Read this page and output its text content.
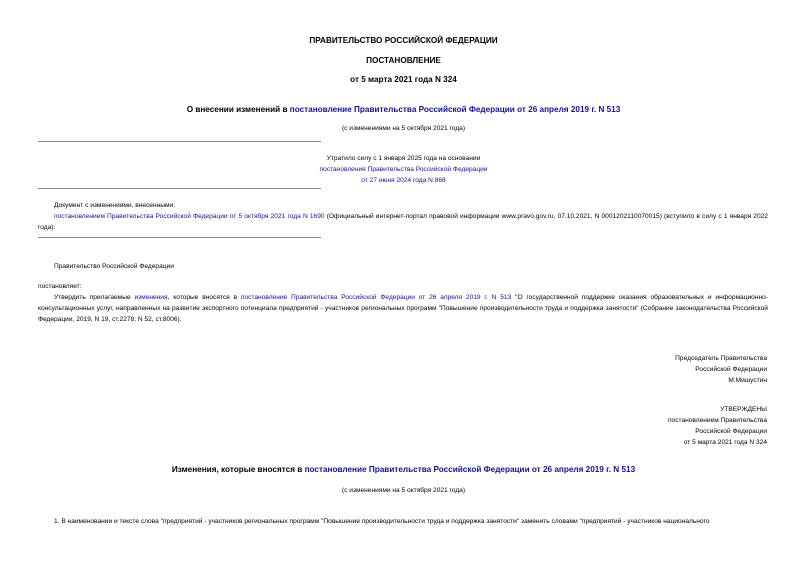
ПРАВИТЕЛЬСТВО РОССИЙСКОЙ ФЕДЕРАЦИИ
ПОСТАНОВЛЕНИЕ
от 5 марта 2021 года N 324
О внесении изменений в постановление Правительства Российской Федерации от 26 апреля 2019 г. N 513
(с изменениями на 5 октября 2021 года)
Утратило силу с 1 января 2025 года на основании
постановления Правительства Российской Федерации
от 27 июня 2024 года N 868
Документ с изменениями, внесенными:
постановлением Правительства Российской Федерации от 5 октября 2021 года N 1690 (Официальный интернет-портал правовой информации www.pravo.gov.ru, 07.10.2021, N 0001202110070015) (вступило в силу с 1 января 2022 года).
Правительство Российской Федерации
постановляет:
Утвердить прилагаемые изменения, которые вносятся в постановление Правительства Российской Федерации от 26 апреля 2019 г. N 513 "О государственной поддержке оказания образовательных и информационно-консультационных услуг, направленных на развитие экспортного потенциала предприятий - участников региональных программ "Повышение производительности труда и поддержка занятости" (Собрание законодательства Российской Федерации, 2019, N 19, ст.2278; N 52, ст.8006).
Председатель Правительства
Российской Федерации
М.Мишустин
УТВЕРЖДЕНЫ
постановлением Правительства
Российской Федерации
от 5 марта 2021 года N 324
Изменения, которые вносятся в постановление Правительства Российской Федерации от 26 апреля 2019 г. N 513
(с изменениями на 5 октября 2021 года)
1. В наименовании и тексте слова "предприятий - участников региональных программ "Повышение производительности труда и поддержка занятости" заменить словами "предприятий - участников национального
